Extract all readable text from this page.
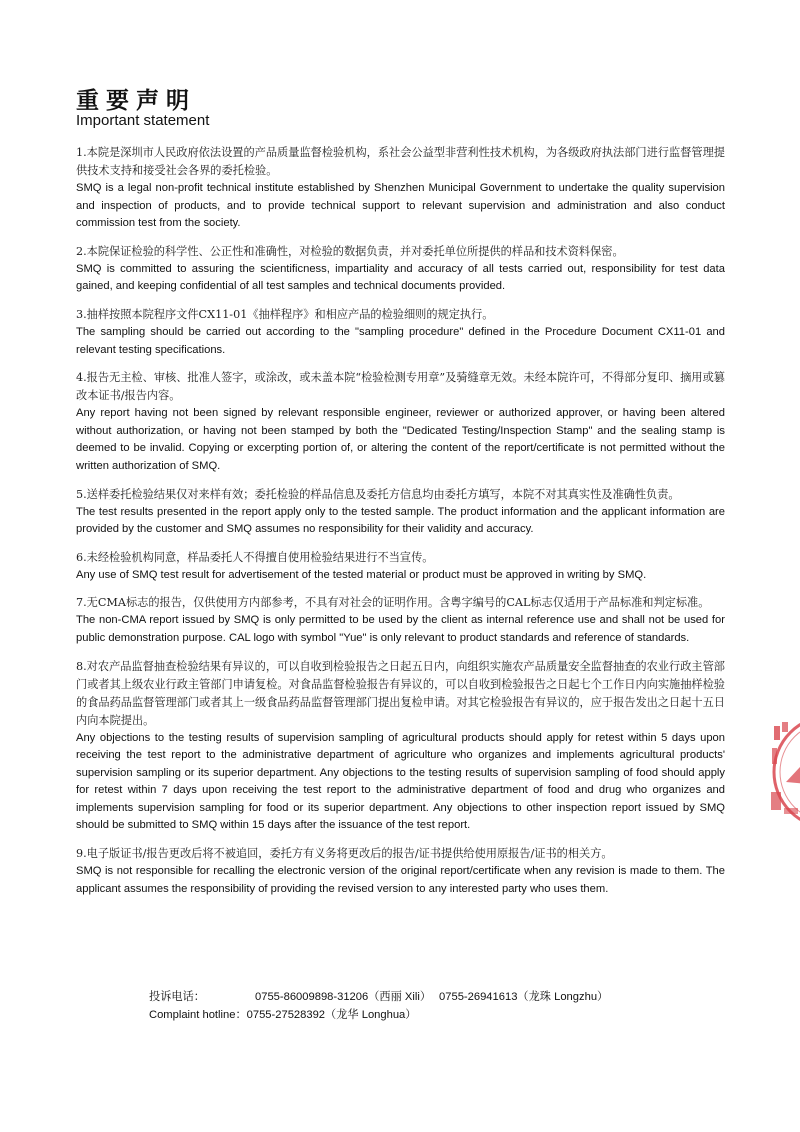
重要声明
Important statement

1.本院是深圳市人民政府依法设置的产品质量监督检验机构，系社会公益型非营利性技术机构，为各级政府执法部门进行监督管理提供技术支持和接受社会各界的委托检验。

SMQ is a legal non-profit technical institute established by Shenzhen Municipal Government to undertake the quality supervision and inspection of products, and to provide technical support to relevant supervision and administration and also conduct commission test from the society.

2.本院保证检验的科学性、公正性和准确性，对检验的数据负责，并对委托单位所提供的样品和技术资料保密。

SMQ is committed to assuring the scientificness, impartiality and accuracy of all tests carried out, responsibility for test data gained, and keeping confidential of all test samples and technical documents provided.

3.抽样按照本院程序文件CX11-01《抽样程序》和相应产品的检验细则的规定执行。

The sampling should be carried out according to the "sampling procedure" defined in the Procedure Document CX11-01 and relevant testing specifications.

4.报告无主检、审核、批准人签字，或涂改，或未盖本院“检验检测专用章”及骑缝章无效。未经本院许可，不得部分复印、摘用或篡改本证书/报告内容。

Any report having not been signed by relevant responsible engineer, reviewer or authorized approver, or having been altered without authorization, or having not been stamped by both the "Dedicated Testing/Inspection Stamp" and the sealing stamp is deemed to be invalid. Copying or excerpting portion of, or altering the content of the report/certificate is not permitted without the written authorization of SMQ.

5.送样委托检验结果仅对来样有效；委托检验的样品信息及委托方信息均由委托方填写，本院不对其真实性及准确性负责。

The test results presented in the report apply only to the tested sample. The product information and the applicant information are provided by the customer and SMQ assumes no responsibility for their validity and accuracy.

6.未经检验机构同意，样品委托人不得擅自使用检验结果进行不当宣传。

Any use of SMQ test result for advertisement of the tested material or product must be approved in writing by SMQ.

7.无CMA标志的报告，仅供使用方内部参考，不具有对社会的证明作用。含粤字编号的CAL标志仅适用于产品标准和判定标准。

The non-CMA report issued by SMQ is only permitted to be used by the client as internal reference use and shall not be used for public demonstration purpose. CAL logo with symbol "Yue" is only relevant to product standards and reference of standards.

8.对农产品监督抽查检验结果有异议的，可以自收到检验报告之日起五日内，向组织实施农产品质量安全监督抽查的农业行政主管部门或者其上级农业行政主管部门申请复检。对食品监督检验报告有异议的，可以自收到检验报告之日起七个工作日内向实施抽样检验的食品药品监督管理部门或者其上一级食品药品监督管理部门提出复检申请。对其它检验报告有异议的，应于报告发出之日起十五日内向本院提出。

Any objections to the testing results of supervision sampling of agricultural products should apply for retest within 5 days upon receiving the test report to the administrative department of agriculture who organizes and implements agricultural products' supervision sampling or its superior department. Any objections to the testing results of supervision sampling of food should apply for retest within 7 days upon receiving the test report to the administrative department of food and drug who organizes and implements supervision sampling for food or its superior department. Any objections to other inspection report issued by SMQ should be submitted to SMQ within 15 days after the issuance of the test report.

9.电子版证书/报告更改后将不被追回，委托方有义务将更改后的报告/证书提供给使用原报告/证书的相关方。

SMQ is not responsible for recalling the electronic version of the original report/certificate when any revision is made to them. The applicant assumes the responsibility of providing the revised version to any interested party who uses them.

投诉电话：	0755-86009898-31206（西丽 Xili） 0755-26941613（龙珠 Longzhu）
Complaint hotline：0755-27528392（龙华 Longhua）
